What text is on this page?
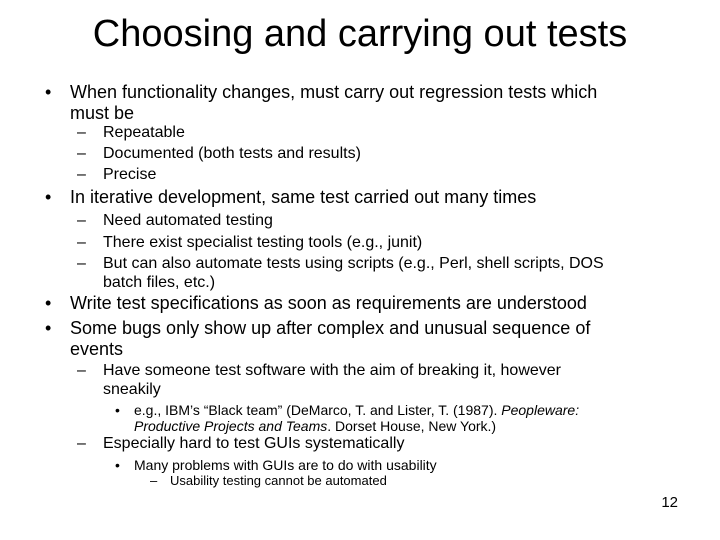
Choosing and carrying out tests
• When functionality changes, must carry out regression tests which
must be
– Repeatable
– Documented (both tests and results)
– Precise
• In iterative development, same test carried out many times
– Need automated testing
– There exist specialist testing tools (e.g., junit)
– But can also automate tests using scripts (e.g., Perl, shell scripts, DOS
batch files, etc.)
• Write test specifications as soon as requirements are understood
• Some bugs only show up after complex and unusual sequence of
events
– Have someone test software with the aim of breaking it, however
sneakily
• e.g., IBM’s “Black team” (DeMarco, T. and Lister, T. (1987). Peopleware:
Productive Projects and Teams. Dorset House, New York.)
– Especially hard to test GUIs systematically
• Many problems with GUIs are to do with usability
– Usability testing cannot be automated
12
